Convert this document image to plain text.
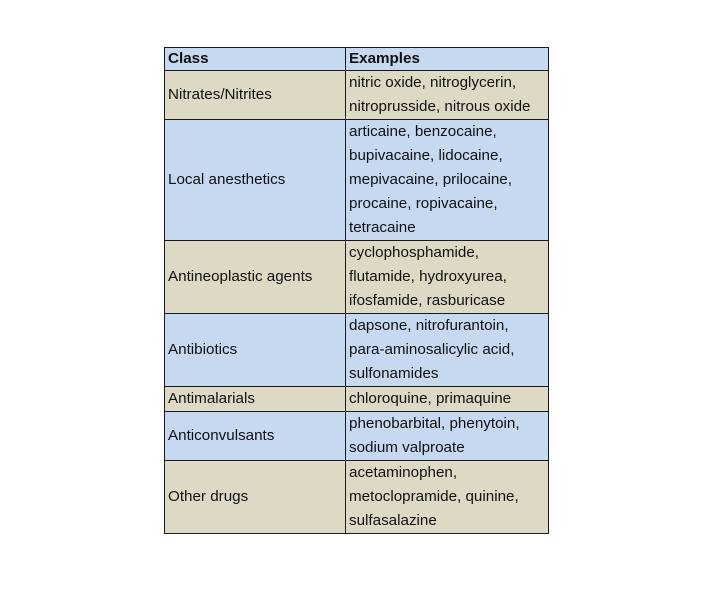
Class	Examples
Nitrates/Nitrites	nitric oxide, nitroglycerin, nitroprusside, nitrous oxide
Local anesthetics	articaine, benzocaine, bupivacaine, lidocaine, mepivacaine, prilocaine, procaine, ropivacaine, tetracaine
Antineoplastic agents	cyclophosphamide, flutamide, hydroxyurea, ifosfamide, rasburicase
Antibiotics	dapsone, nitrofurantoin, para-aminosalicylic acid, sulfonamides
Antimalarials	chloroquine, primaquine
Anticonvulsants	phenobarbital, phenytoin, sodium valproate
Other drugs	acetaminophen, metoclopramide, quinine, sulfasalazine
